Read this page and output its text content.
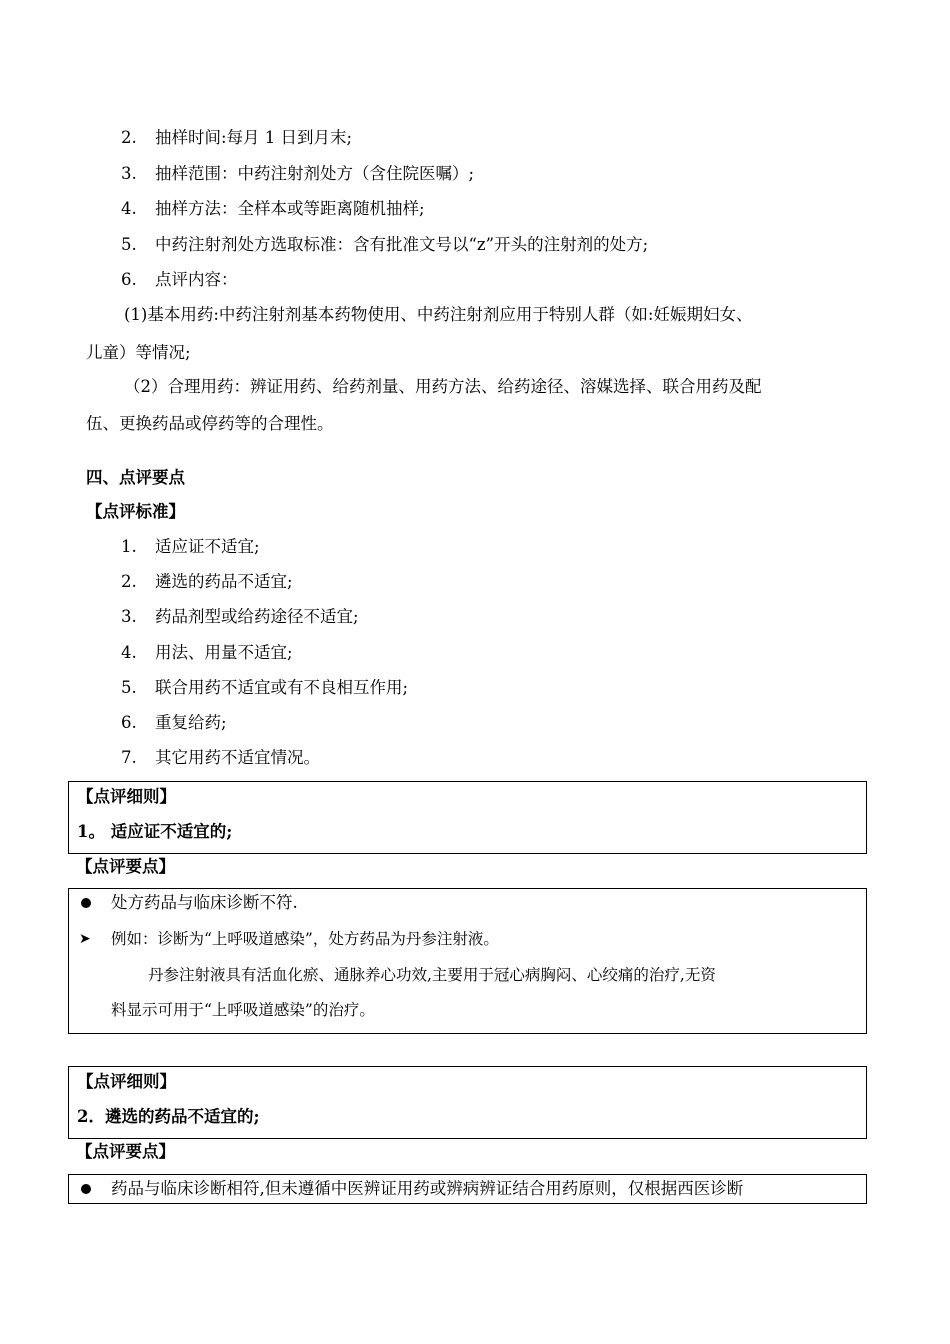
2. 抽样时间:每月 1 日到月末;
3. 抽样范围：中药注射剂处方（含住院医嘱）;
4. 抽样方法：全样本或等距离随机抽样;
5. 中药注射剂处方选取标准：含有批准文号以“z”开头的注射剂的处方;
6. 点评内容：
(1)基本用药:中药注射剂基本药物使用、中药注射剂应用于特别人群（如:妊娠期妇女、
儿童）等情况;
（2）合理用药：辨证用药、给药剂量、用药方法、给药途径、溶媒选择、联合用药及配
伍、更换药品或停药等的合理性。
四、点评要点
【点评标准】
1. 适应证不适宜;
2. 遴选的药品不适宜;
3. 药品剂型或给药途径不适宜;
4. 用法、用量不适宜;
5. 联合用药不适宜或有不良相互作用;
6. 重复给药;
7. 其它用药不适宜情况。
【点评细则】
1。 适应证不适宜的;
【点评要点】
处方药品与临床诊断不符.
➤ 例如：诊断为“上呼吸道感染”，处方药品为丹参注射液。
丹参注射液具有活血化瘀、通脉养心功效,主要用于冠心病胸闷、心绞痛的治疗,无资
料显示可用于“上呼吸道感染”的治疗。
【点评细则】
2．遴选的药品不适宜的;
【点评要点】
药品与临床诊断相符,但未遵循中医辨证用药或辨病辨证结合用药原则，仅根据西医诊断
